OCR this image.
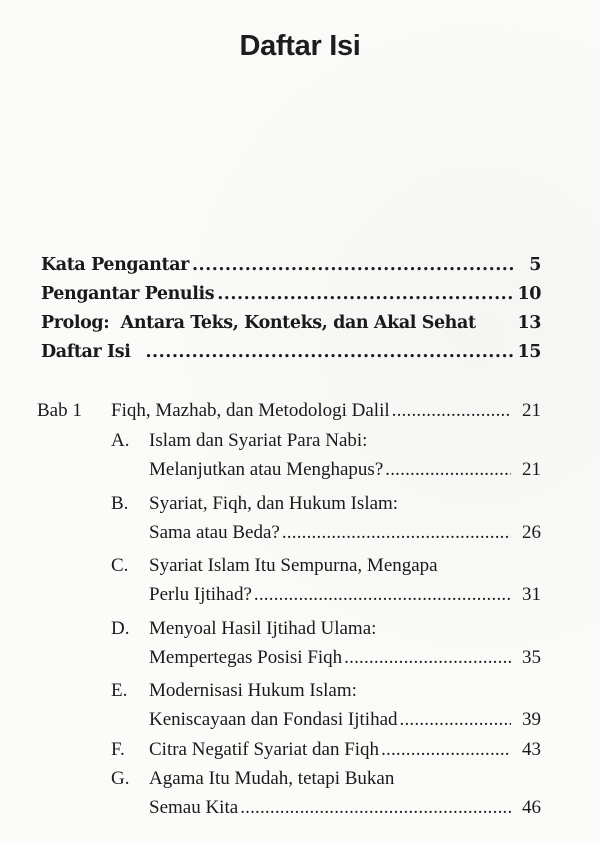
Daftar Isi
Kata Pengantar .....	5
Pengantar Penulis .....	10
Prolog:  Antara Teks, Konteks, dan Akal Sehat 13
Daftar Isi .....	15
Bab 1	Fiqh, Mazhab, dan Metodologi Dalil .....	21
A.	Islam dan Syariat Para Nabi:
Melanjutkan atau Menghapus? .....	21
B.	Syariat, Fiqh, dan Hukum Islam:
Sama atau Beda? .....	26
C.	Syariat Islam Itu Sempurna, Mengapa
Perlu Ijtihad? .....	31
D.	Menyoal Hasil Ijtihad Ulama:
Mempertegas Posisi Fiqh .....	35
E.	Modernisasi Hukum Islam:
Keniscayaan dan Fondasi Ijtihad .....	39
F.	Citra Negatif Syariat dan Fiqh .....	43
G.	Agama Itu Mudah, tetapi Bukan
Semau Kita .....	46
